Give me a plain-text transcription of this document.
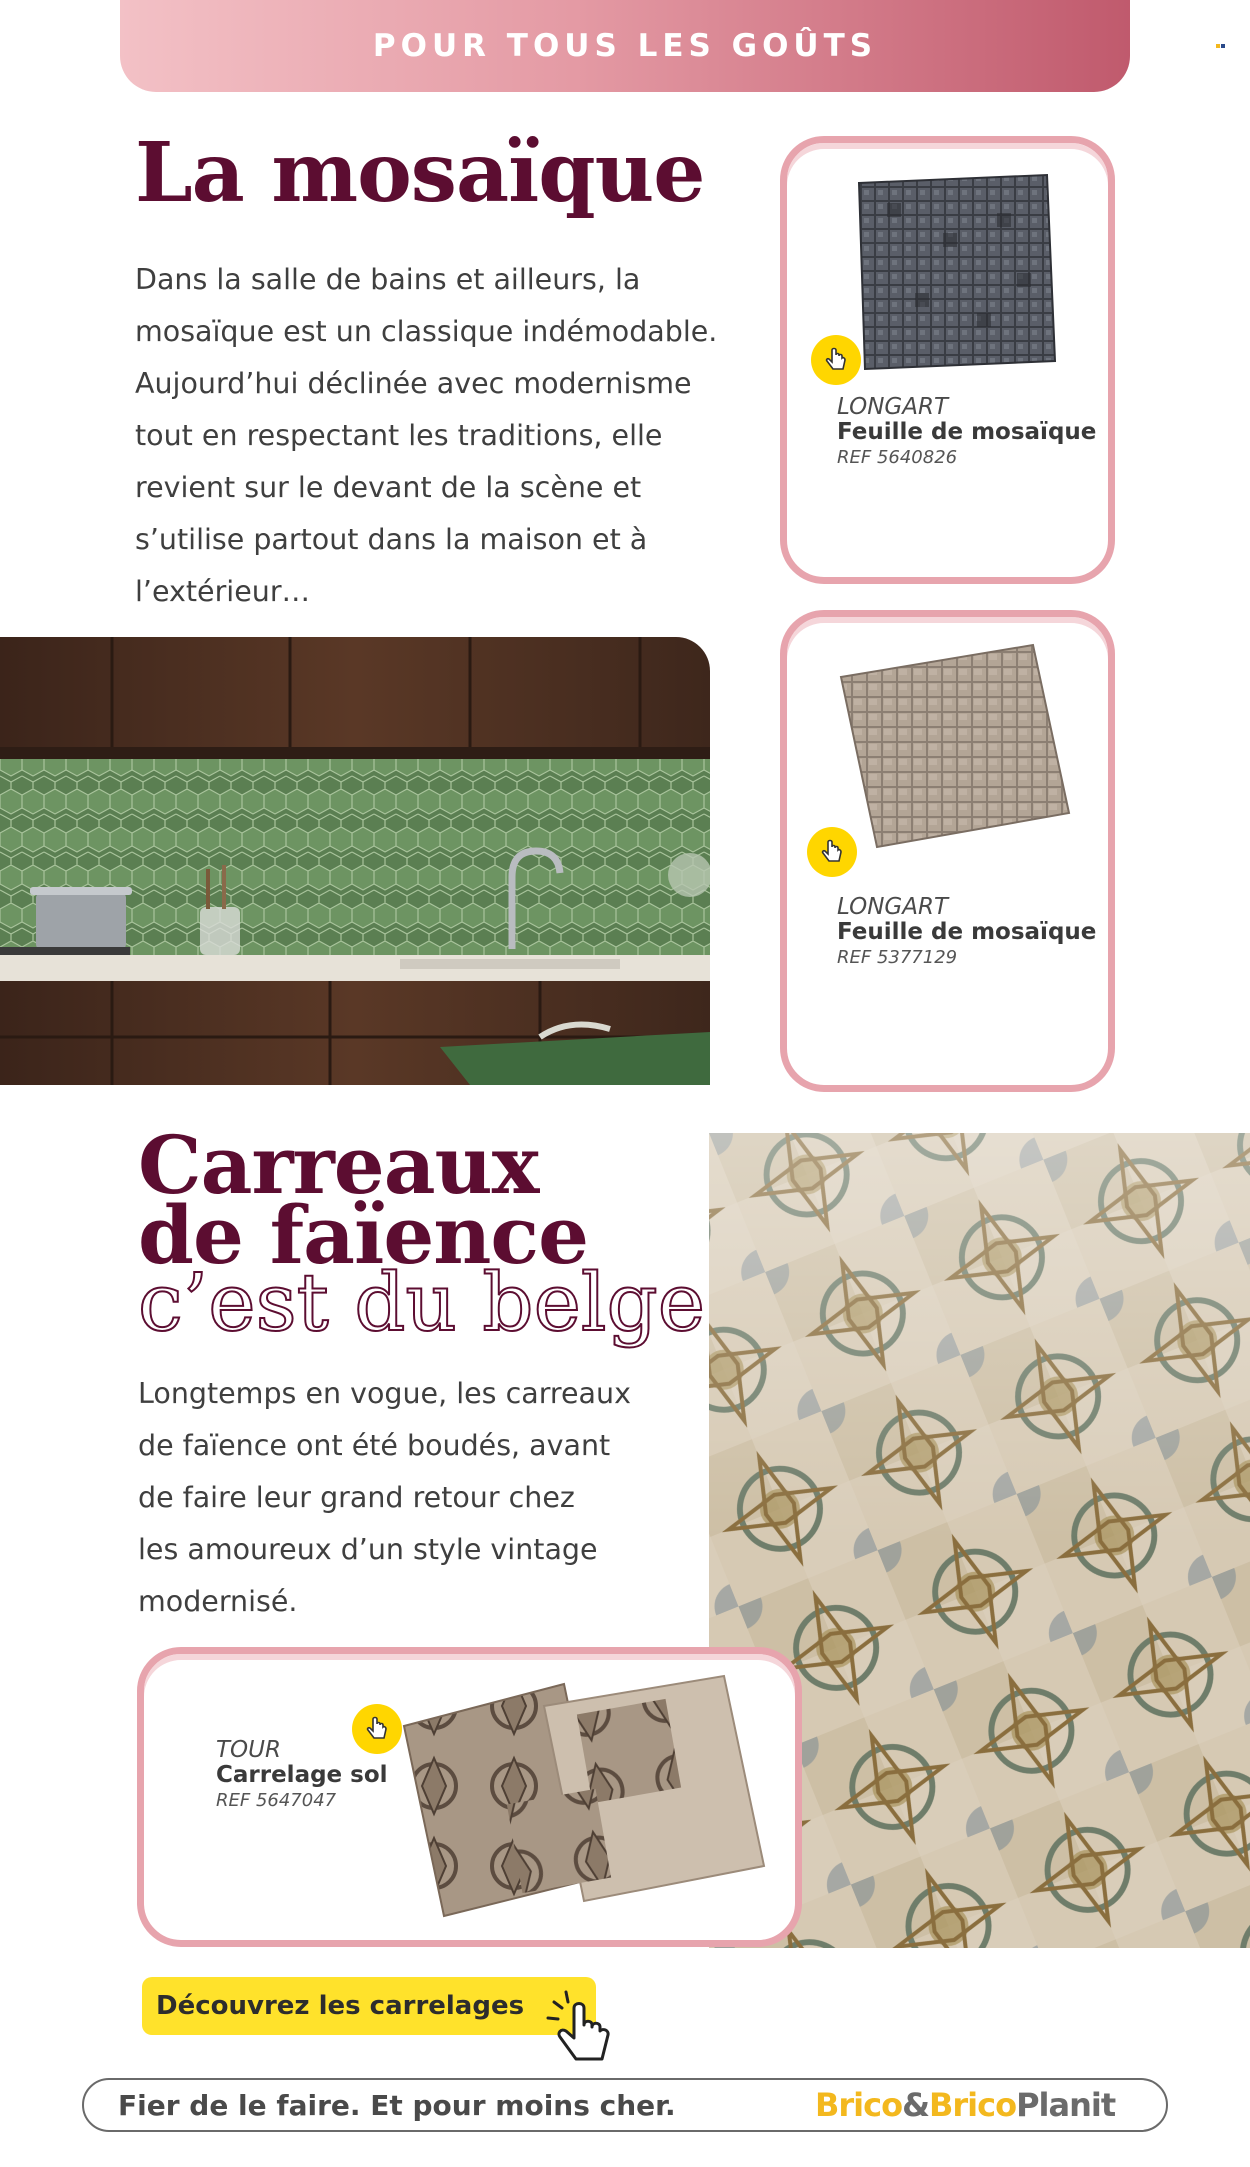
POUR TOUS LES GOÛTS
La mosaïque
Dans la salle de bains et ailleurs, la
mosaïque est un classique indémodable.
Aujourd’hui déclinée avec modernisme
tout en respectant les traditions, elle
revient sur le devant de la scène et
s’utilise partout dans la maison et à
l’extérieur…
LONGART
Feuille de mosaïque
REF 5640826
LONGART
Feuille de mosaïque
REF 5377129
Carreaux
de faïence
c’est du belge
Longtemps en vogue, les carreaux
de faïence ont été boudés, avant
de faire leur grand retour chez
les amoureux d’un style vintage
modernisé.
TOUR
Carrelage sol
REF 5647047
Découvrez les carrelages
Fier de le faire. Et pour moins cher.	Brico&BricoPlanit
